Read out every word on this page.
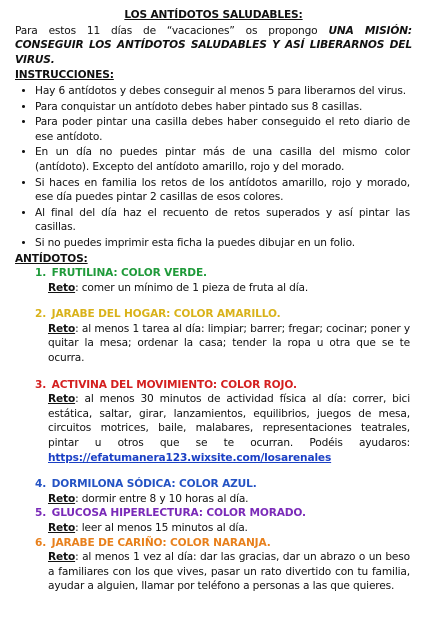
LOS ANTÍDOTOS SALUDABLES:
Para estos 11 días de “vacaciones” os propongo UNA MISIÓN: CONSEGUIR LOS ANTÍDOTOS SALUDABLES Y ASÍ LIBERARNOS DEL VIRUS.
INSTRUCCIONES:
• Hay 6 antídotos y debes conseguir al menos 5 para liberarnos del virus.
• Para conquistar un antídoto debes haber pintado sus 8 casillas.
• Para poder pintar una casilla debes haber conseguido el reto diario de ese antídoto.
• En un día no puedes pintar más de una casilla del mismo color (antídoto). Excepto del antídoto amarillo, rojo y del morado.
• Si haces en familia los retos de los antídotos amarillo, rojo y morado, ese día puedes pintar 2 casillas de esos colores.
• Al final del día haz el recuento de retos superados y así pintar las casillas.
• Si no puedes imprimir esta ficha la puedes dibujar en un folio.
ANTÍDOTOS:
1. FRUTILINA: COLOR VERDE.
Reto: comer un mínimo de 1 pieza de fruta al día.
2. JARABE DEL HOGAR: COLOR AMARILLO.
Reto: al menos 1 tarea al día: limpiar; barrer; fregar; cocinar; poner y quitar la mesa; ordenar la casa; tender la ropa u otra que se te ocurra.
3. ACTIVINA DEL MOVIMIENTO: COLOR ROJO.
Reto: al menos 30 minutos de actividad física al día: correr, bici estática, saltar, girar, lanzamientos, equilibrios, juegos de mesa, circuitos motrices, baile, malabares, representaciones teatrales, pintar u otros que se te ocurran. Podéis ayudaros: https://efatumanera123.wixsite.com/losarenales
4. DORMILONA SÓDICA: COLOR AZUL.
Reto: dormir entre 8 y 10 horas al día.
5. GLUCOSA HIPERLECTURA: COLOR MORADO.
Reto: leer al menos 15 minutos al día.
6. JARABE DE CARIÑO: COLOR NARANJA.
Reto: al menos 1 vez al día: dar las gracias, dar un abrazo o un beso a familiares con los que vives, pasar un rato divertido con tu familia, ayudar a alguien, llamar por teléfono a personas a las que quieres.
